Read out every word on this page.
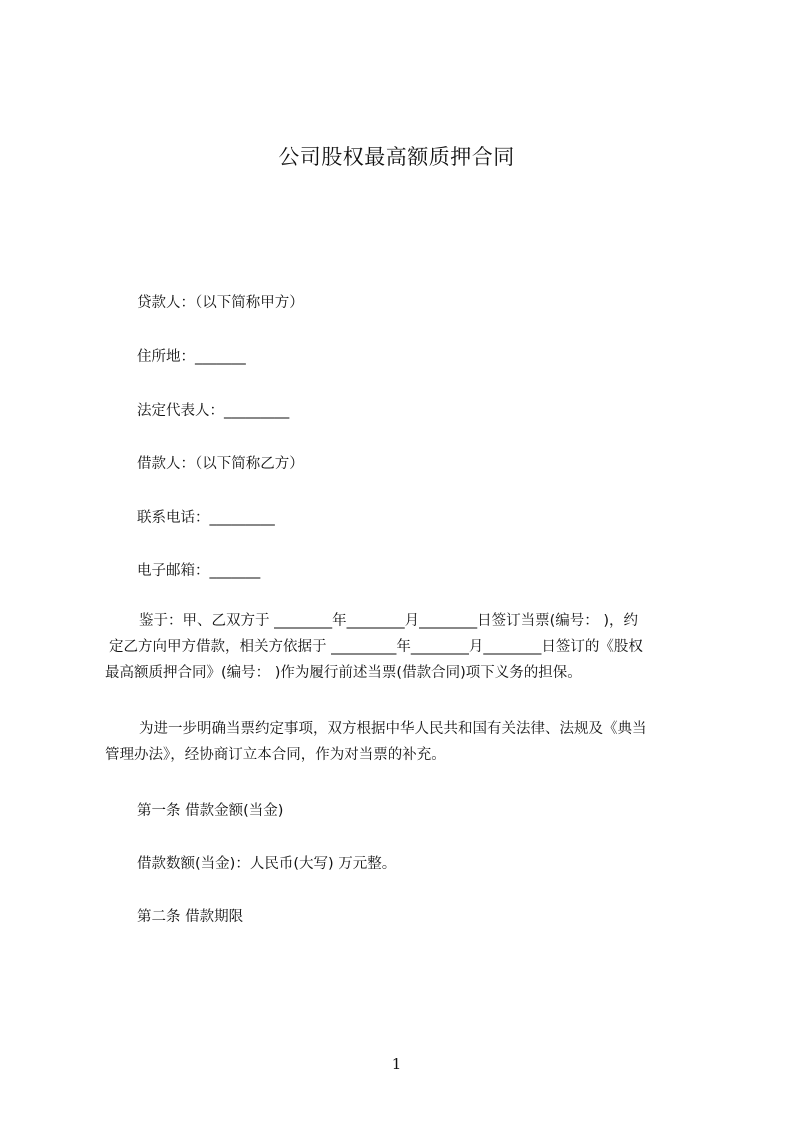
公司股权最高额质押合同
贷款人：（以下简称甲方）
住所地：_______
法定代表人：_________
借款人：（以下简称乙方）
联系电话：_________
电子邮箱：_______
鉴于：甲、乙双方于 ________年________月________日签订当票(编号： )，约
定乙方向甲方借款，相关方依据于 _________年________月________日签订的《股权
最高额质押合同》(编号： )作为履行前述当票(借款合同)项下义务的担保。
为进一步明确当票约定事项，双方根据中华人民共和国有关法律、法规及《典当
管理办法》，经协商订立本合同，作为对当票的补充。
第一条 借款金额(当金)
借款数额(当金)：人民币(大写) 万元整。
第二条 借款期限
1
